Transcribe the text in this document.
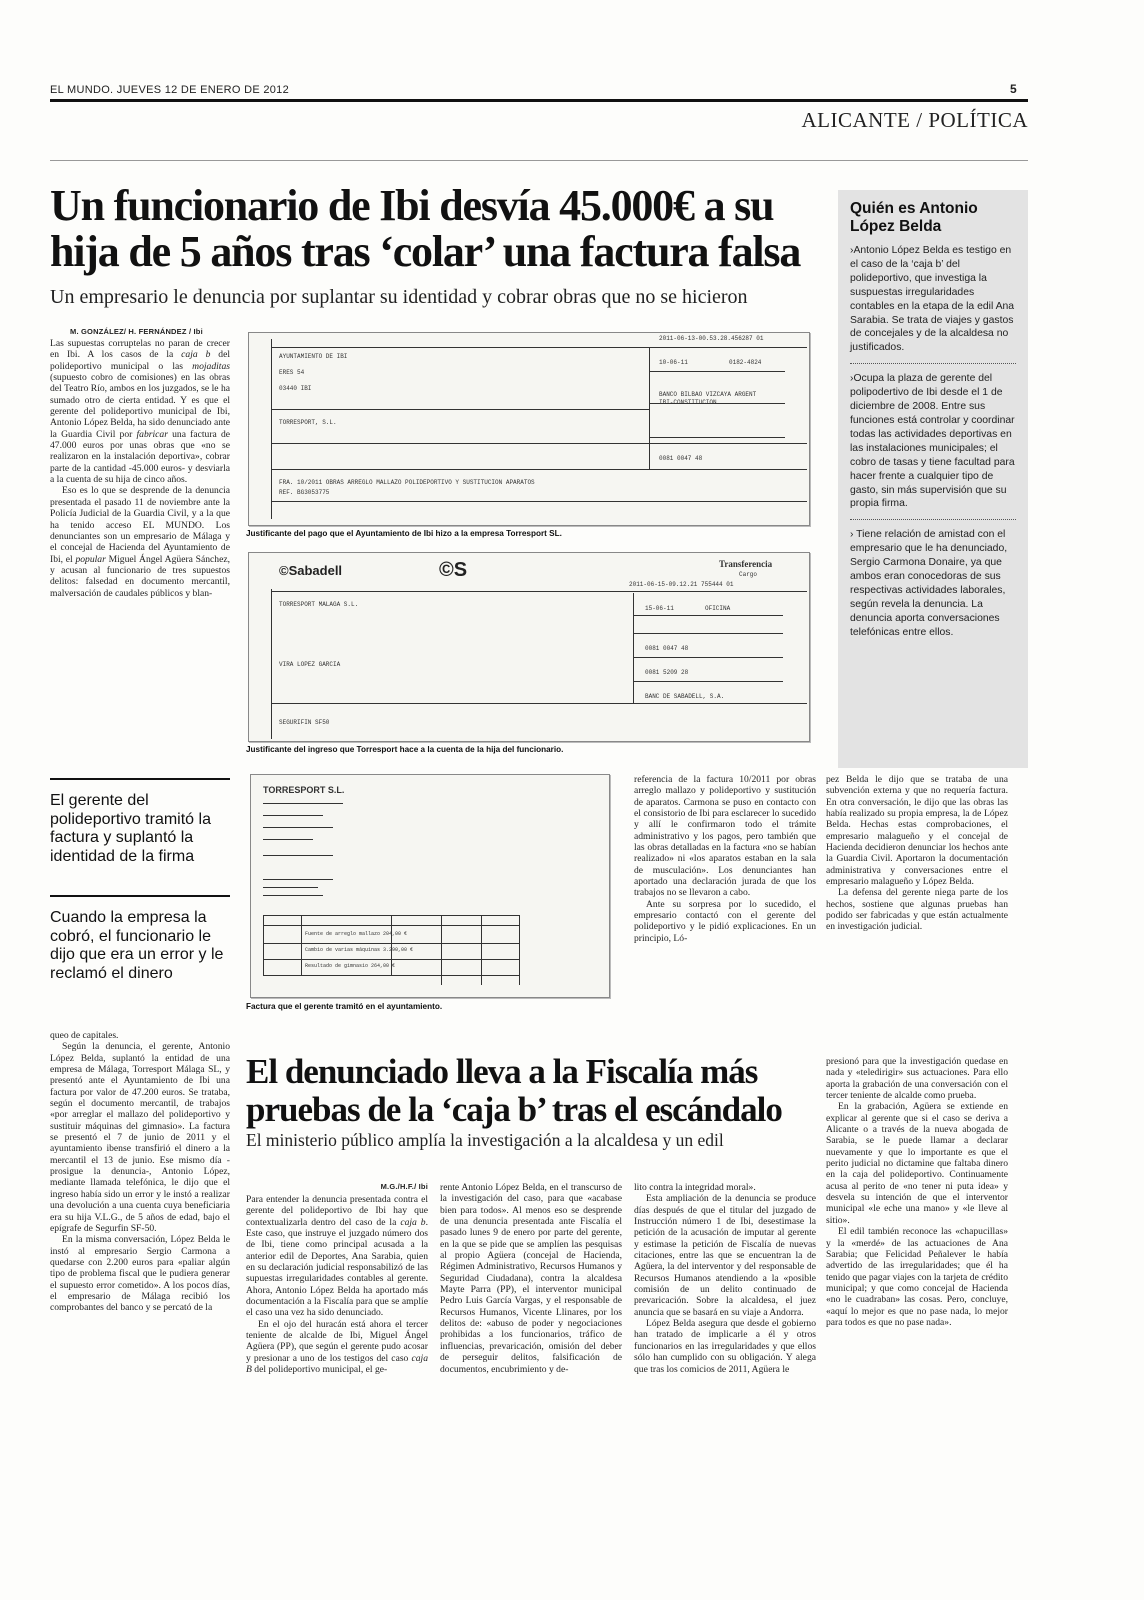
EL MUNDO. JUEVES 12 DE ENERO DE 2012	5
ALICANTE / POLÍTICA
Un funcionario de Ibi desvía 45.000€ a su hija de 5 años tras ‘colar’ una factura falsa
Un empresario le denuncia por suplantar su identidad y cobrar obras que no se hicieron
M. GONZÁLEZ/ H. FERNÁNDEZ / Ibi

Las supuestas corruptelas no paran de crecer en Ibi. A los casos de la caja b del polideportivo municipal o las mojaditas (supuesto cobro de comisiones) en las obras del Teatro Río, ambos en los juzgados, se le ha sumado otro de cierta entidad. Y es que el gerente del polideportivo municipal de Ibi, Antonio López Belda, ha sido denunciado ante la Guardia Civil por fabricar una factura de 47.000 euros por unas obras que «no se realizaron en la instalación deportiva», cobrar parte de la cantidad -45.000 euros- y desviarla a la cuenta de su hija de cinco años.

Eso es lo que se desprende de la denuncia presentada el pasado 11 de noviembre ante la Policía Judicial de la Guardia Civil, y a la que ha tenido acceso EL MUNDO. Los denunciantes son un empresario de Málaga y el concejal de Hacienda del Ayuntamiento de Ibi, el popular Miguel Ángel Agüera Sánchez, y acusan al funcionario de tres supuestos delitos: falsedad en documento mercantil, malversación de caudales públicos y blan-

El gerente del polideportivo tramitó la factura y suplantó la identidad de la firma
Cuando la empresa la cobró, el funcionario le dijo que era un error y le reclamó el dinero

queo de capitales.

Según la denuncia, el gerente, Antonio López Belda, suplantó la entidad de una empresa de Málaga, Torresport Málaga SL, y presentó ante el Ayuntamiento de Ibi una factura por valor de 47.200 euros. Se trataba, según el documento mercantil, de trabajos «por arreglar el mallazo del polideportivo y sustituir máquinas del gimnasio». La factura se presentó el 7 de junio de 2011 y el ayuntamiento ibense transfirió el dinero a la mercantil el 13 de junio. Ese mismo día -prosigue la denuncia-, Antonio López, mediante llamada telefónica, le dijo que el ingreso había sido un error y le instó a realizar una devolución a una cuenta cuya beneficiaria era su hija V.L.G., de 5 años de edad, bajo el epígrafe de Segurfin SF-50.

En la misma conversación, López Belda le instó al empresario Sergio Carmona a quedarse con 2.200 euros para «paliar algún tipo de problema fiscal que le pudiera generar el supuesto error cometido». A los pocos días, el empresario de Málaga recibió los comprobantes del banco y se percató de la

AYUNTAMIENTO DE IBI
ERES 54
03440 IBI
TORRESPORT, S.L.
FRA. 10/2011 OBRAS ARREGLO MALLAZO POLIDEPORTIVO Y SUSTITUCION APARATOS
REF. BG3053775
2011-06-13-00.53.28.456287 01
10-06-11	0182-4824
BANCO BILBAO VIZCAYA ARGENT
IBI-CONSTITUCION
0081 0047 48
Justificante del pago que el Ayuntamiento de Ibi hizo a la empresa Torresport SL.
©Sabadell	©S	Transferencia
Cargo
2011-06-15-09.12.21 755444 01
TORRESPORT MALAGA S.L.
VIRA LOPEZ GARCIA
SEGURIFIN SF50
15-06-11	OFICINA
0081 0047 48
0081 5209 28
BANC DE SABADELL, S.A.
Justificante del ingreso que Torresport hace a la cuenta de la hija del funcionario.
TORRESPORT S.L.
Fuente de arreglo mallazo 204,00 €
Cambio de varias máquinas 3.290,00 €
Resultado de gimnasio 264,00 €
Factura que el gerente tramitó en el ayuntamiento.

referencia de la factura 10/2011 por obras arreglo mallazo y polideportivo y sustitución de aparatos. Carmona se puso en contacto con el consistorio de Ibi para esclarecer lo sucedido y allí le confirmaron todo el trámite administrativo y los pagos, pero también que las obras detalladas en la factura «no se habían realizado» ni «los aparatos estaban en la sala de musculación». Los denunciantes han aportado una declaración jurada de que los trabajos no se llevaron a cabo.

Ante su sorpresa por lo sucedido, el empresario contactó con el gerente del polideportivo y le pidió explicaciones. En un principio, Ló-

pez Belda le dijo que se trataba de una subvención externa y que no requería factura. En otra conversación, le dijo que las obras las había realizado su propia empresa, la de López Belda. Hechas estas comprobaciones, el empresario malagueño y el concejal de Hacienda decidieron denunciar los hechos ante la Guardia Civil. Aportaron la documentación administrativa y conversaciones entre el empresario malagueño y López Belda.

La defensa del gerente niega parte de los hechos, sostiene que algunas pruebas han podido ser fabricadas y que están actualmente en investigación judicial.

Quién es Antonio López Belda
›Antonio López Belda es testigo en el caso de la ‘caja b’ del polideportivo, que investiga la suspuestas irregularidades contables en la etapa de la edil Ana Sarabia. Se trata de viajes y gastos de concejales y de la alcaldesa no justificados.
›Ocupa la plaza de gerente del polipodertivo de Ibi desde el 1 de diciembre de 2008. Entre sus funciones está controlar y coordinar todas las actividades deportivas en las instalaciones municipales; el cobro de tasas y tiene facultad para hacer frente a cualquier tipo de gasto, sin más supervisión que su propia firma.
› Tiene relación de amistad con el empresario que le ha denunciado, Sergio Carmona Donaire, ya que ambos eran conocedoras de sus respectivas actividades laborales, según revela la denuncia. La denuncia aporta conversaciones telefónicas entre ellos.
El denunciado lleva a la Fiscalía más pruebas de la ‘caja b’ tras el escándalo
El ministerio público amplía la investigación a la alcaldesa y un edil
M.G./H.F./ Ibi

Para entender la denuncia presentada contra el gerente del polideportivo de Ibi hay que contextualizarla dentro del caso de la caja b. Este caso, que instruye el juzgado número dos de Ibi, tiene como principal acusada a la anterior edil de Deportes, Ana Sarabia, quien en su declaración judicial responsabilizó de las supuestas irregularidades contables al gerente. Ahora, Antonio López Belda ha aportado más documentación a la Fiscalía para que se amplíe el caso una vez ha sido denunciado.

En el ojo del huracán está ahora el tercer teniente de alcalde de Ibi, Miguel Ángel Agüera (PP), que según el gerente pudo acosar y presionar a uno de los testigos del caso caja B del polideportivo municipal, el ge-

rente Antonio López Belda, en el transcurso de la investigación del caso, para que «acabase bien para todos». Al menos eso se desprende de una denuncia presentada ante Fiscalía el pasado lunes 9 de enero por parte del gerente, en la que se pide que se amplíen las pesquisas al propio Agüera (concejal de Hacienda, Régimen Administrativo, Recursos Humanos y Seguridad Ciudadana), contra la alcaldesa Mayte Parra (PP), el interventor municipal Pedro Luis García Vargas, y el responsable de Recursos Humanos, Vicente Llinares, por los delitos de: «abuso de poder y negociaciones prohibidas a los funcionarios, tráfico de influencias, prevaricación, omisión del deber de perseguir delitos, falsificación de documentos, encubrimiento y de-

lito contra la integridad moral».

Esta ampliación de la denuncia se produce días después de que el titular del juzgado de Instrucción número 1 de Ibi, desestimase la petición de la acusación de imputar al gerente y estimase la petición de Fiscalía de nuevas citaciones, entre las que se encuentran la de Agüera, la del interventor y del responsable de Recursos Humanos atendiendo a la «posible comisión de un delito continuado de prevaricación. Sobre la alcaldesa, el juez anuncia que se basará en su viaje a Andorra.

López Belda asegura que desde el gobierno han tratado de implicarle a él y otros funcionarios en las irregularidades y que ellos sólo han cumplido con su obligación. Y alega que tras los comicios de 2011, Agüera le

presionó para que la investigación quedase en nada y «teledirigir» sus actuaciones. Para ello aporta la grabación de una conversación con el tercer teniente de alcalde como prueba.

En la grabación, Agüera se extiende en explicar al gerente que si el caso se deriva a Alicante o a través de la nueva abogada de Sarabia, se le puede llamar a declarar nuevamente y que lo importante es que el perito judicial no dictamine que faltaba dinero en la caja del polideportivo. Continuamente acusa al perito de «no tener ni puta idea» y desvela su intención de que el interventor municipal «le eche una mano» y «le lleve al sitio».

El edil también reconoce las «chapucillas» y la «merdé» de las actuaciones de Ana Sarabia; que Felicidad Peñalever le había advertido de las irregularidades; que él ha tenido que pagar viajes con la tarjeta de crédito municipal; y que como concejal de Hacienda «no le cuadraban» las cosas. Pero, concluye, «aquí lo mejor es que no pase nada, lo mejor para todos es que no pase nada».
